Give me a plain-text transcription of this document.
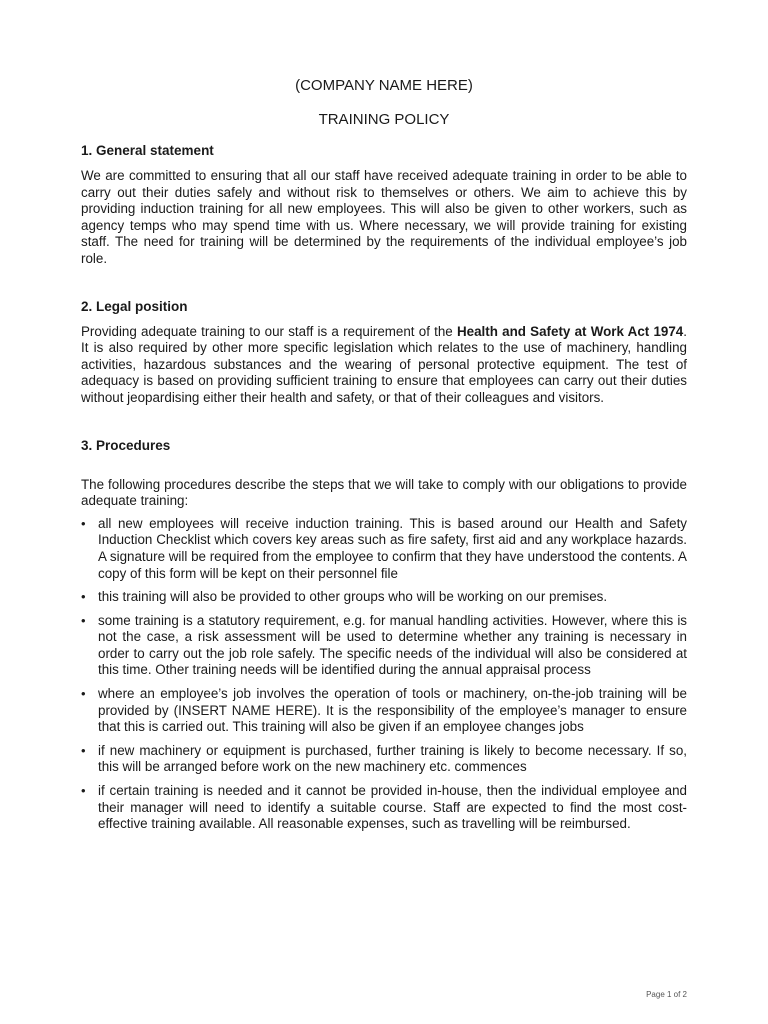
(COMPANY NAME HERE)
TRAINING POLICY
1. General statement

We are committed to ensuring that all our staff have received adequate training in order to be able to carry out their duties safely and without risk to themselves or others. We aim to achieve this by providing induction training for all new employees. This will also be given to other workers, such as agency temps who may spend time with us. Where necessary, we will provide training for existing staff. The need for training will be determined by the requirements of the individual employee’s job role.

2. Legal position

Providing adequate training to our staff is a requirement of the Health and Safety at Work Act 1974. It is also required by other more specific legislation which relates to the use of machinery, handling activities, hazardous substances and the wearing of personal protective equipment. The test of adequacy is based on providing sufficient training to ensure that employees can carry out their duties without jeopardising either their health and safety, or that of their colleagues and visitors.

3. Procedures

The following procedures describe the steps that we will take to comply with our obligations to provide adequate training:

• all new employees will receive induction training. This is based around our Health and Safety Induction Checklist which covers key areas such as fire safety, first aid and any workplace hazards. A signature will be required from the employee to confirm that they have understood the contents. A copy of this form will be kept on their personnel file
• this training will also be provided to other groups who will be working on our premises.
• some training is a statutory requirement, e.g. for manual handling activities. However, where this is not the case, a risk assessment will be used to determine whether any training is necessary in order to carry out the job role safely. The specific needs of the individual will also be considered at this time. Other training needs will be identified during the annual appraisal process
• where an employee’s job involves the operation of tools or machinery, on-the-job training will be provided by (INSERT NAME HERE). It is the responsibility of the employee’s manager to ensure that this is carried out. This training will also be given if an employee changes jobs
• if new machinery or equipment is purchased, further training is likely to become necessary. If so, this will be arranged before work on the new machinery etc. commences
• if certain training is needed and it cannot be provided in-house, then the individual employee and their manager will need to identify a suitable course. Staff are expected to find the most cost-effective training available. All reasonable expenses, such as travelling will be reimbursed.
Page 1 of 2
